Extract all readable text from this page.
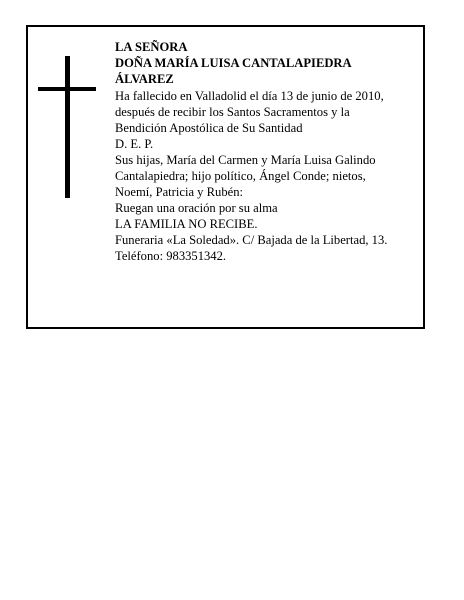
LA SEÑORA
DOÑA MARÍA LUISA CANTALAPIEDRA
ÁLVAREZ
Ha fallecido en Valladolid el día 13 de junio de 2010,
después de recibir los Santos Sacramentos y la
Bendición Apostólica de Su Santidad
D. E. P.
Sus hijas, María del Carmen y María Luisa Galindo
Cantalapiedra; hijo político, Ángel Conde; nietos,
Noemí, Patricia y Rubén:
Ruegan una oración por su alma
LA FAMILIA NO RECIBE.
Funeraria «La Soledad». C/ Bajada de la Libertad, 13.
Teléfono: 983351342.
